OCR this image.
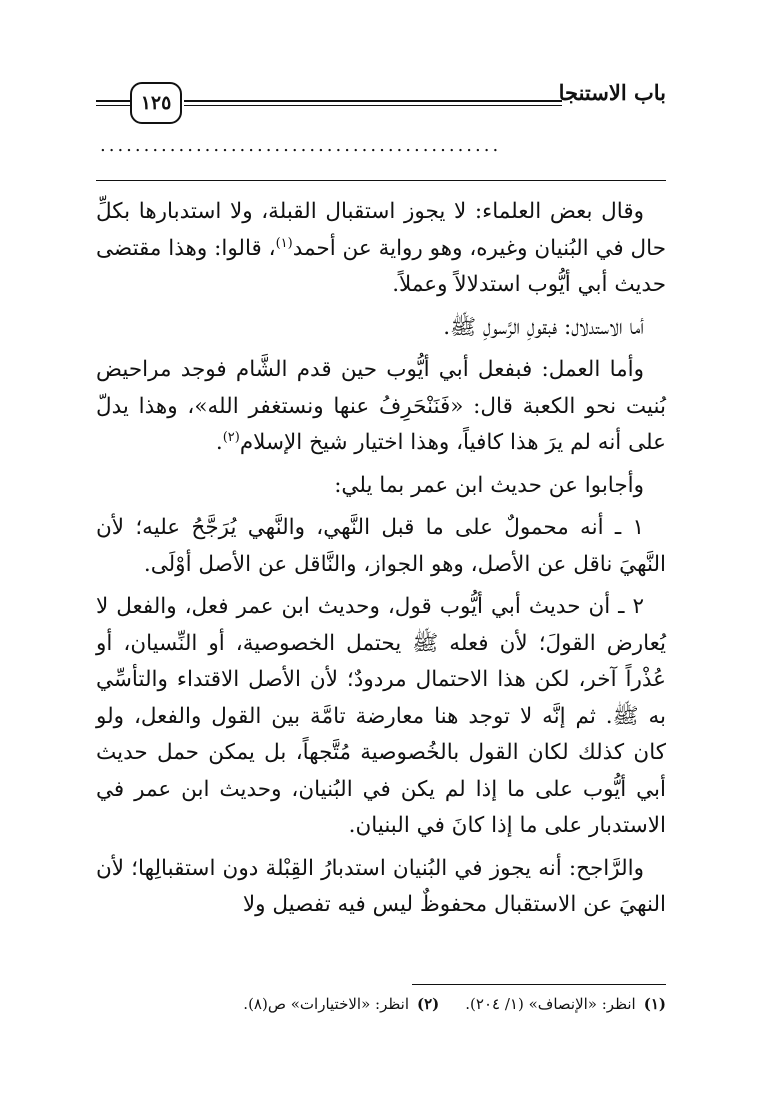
باب الاستنجا
١٢٥
..............................................

وقال بعض العلماء: لا يجوز استقبال القبلة، ولا استدبارها بكلِّ حال في البُنيان وغيره، وهو رواية عن أحمد$^{(١)}$، قالوا: وهذا مقتضى حديث أبي أيُّوب استدلالاً وعملاً.

أما الاستدلال: فبقولِ الرَّسولِ ﷺ.

وأما العمل: فبفعل أبي أيُّوب حين قدم الشَّام فوجد مراحيض بُنيت نحو الكعبة قال: «فَنَنْحَرِفُ عنها ونستغفر الله»، وهذا يدلّ على أنه لم يرَ هذا كافياً، وهذا اختيار شيخ الإسلام$^{(٢)}$.

وأجابوا عن حديث ابن عمر بما يلي:

١ ـ أنه محمولٌ على ما قبل النَّهي، والنَّهي يُرَجَّحُ عليه؛ لأن النَّهيَ ناقل عن الأصل، وهو الجواز، والنَّاقل عن الأصل أوْلَى.

٢ ـ أن حديث أبي أيُّوب قول، وحديث ابن عمر فعل، والفعل لا يُعارض القولَ؛ لأن فعله ﷺ يحتمل الخصوصية، أو النِّسيان، أو عُذْراً آخر، لكن هذا الاحتمال مردودٌ؛ لأن الأصل الاقتداء والتأسِّي به ﷺ. ثم إنَّه لا توجد هنا معارضة تامَّة بين القول والفعل، ولو كان كذلك لكان القول بالخُصوصية مُتَّجهاً، بل يمكن حمل حديث أبي أيُّوب على ما إذا لم يكن في البُنيان، وحديث ابن عمر في الاستدبار على ما إذا كانَ في البنيان.

والرَّاجح: أنه يجوز في البُنيان استدبارُ القِبْلة دون استقبالِها؛ لأن النهيَ عن الاستقبال محفوظٌ ليس فيه تفصيل ولا

(١)انظر: «الإنصاف» (١/ ٢٠٤).
(٢)انظر: «الاختيارات» ص(٨).
